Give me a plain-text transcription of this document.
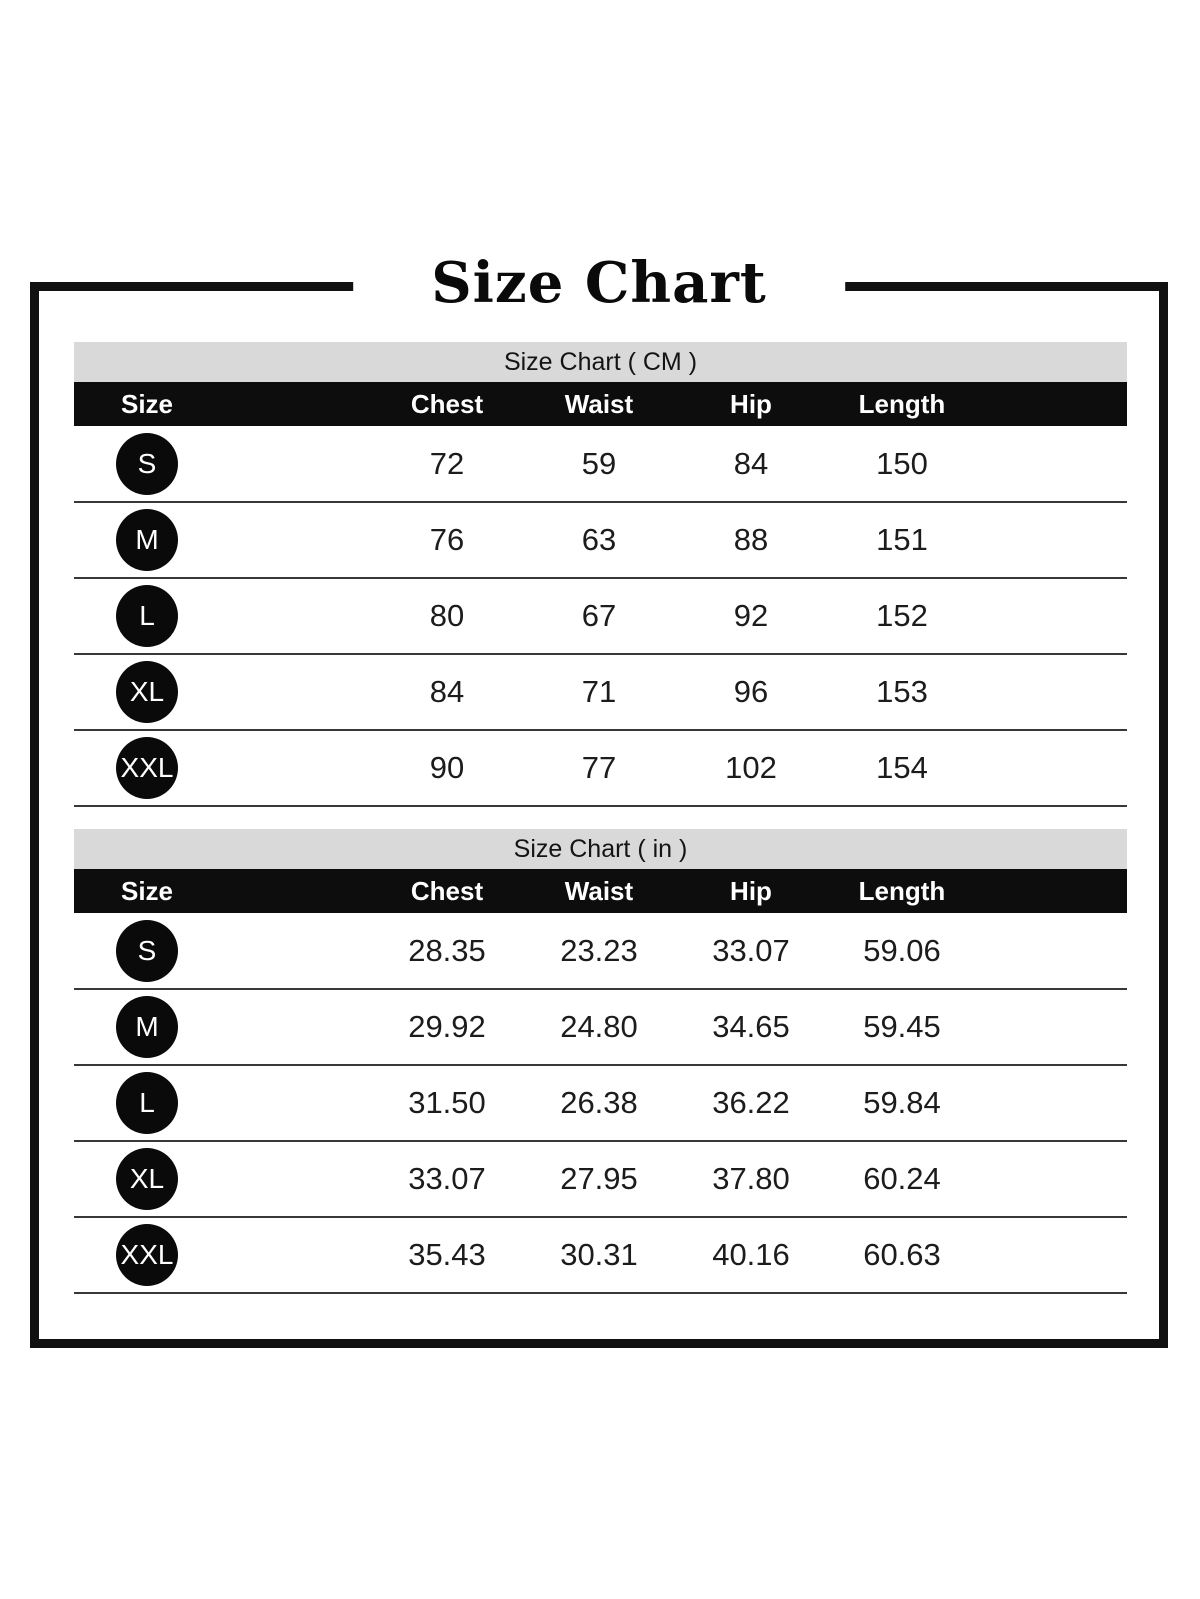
Size Chart
Size Chart ( CM )
Size		Chest	Waist	Hip	Length	
S		72	59	84	150	
M		76	63	88	151	
L		80	67	92	152	
XL		84	71	96	153	
XXL		90	77	102	154	
Size Chart ( in )
Size		Chest	Waist	Hip	Length	
S		28.35	23.23	33.07	59.06	
M		29.92	24.80	34.65	59.45	
L		31.50	26.38	36.22	59.84	
XL		33.07	27.95	37.80	60.24	
XXL		35.43	30.31	40.16	60.63	
